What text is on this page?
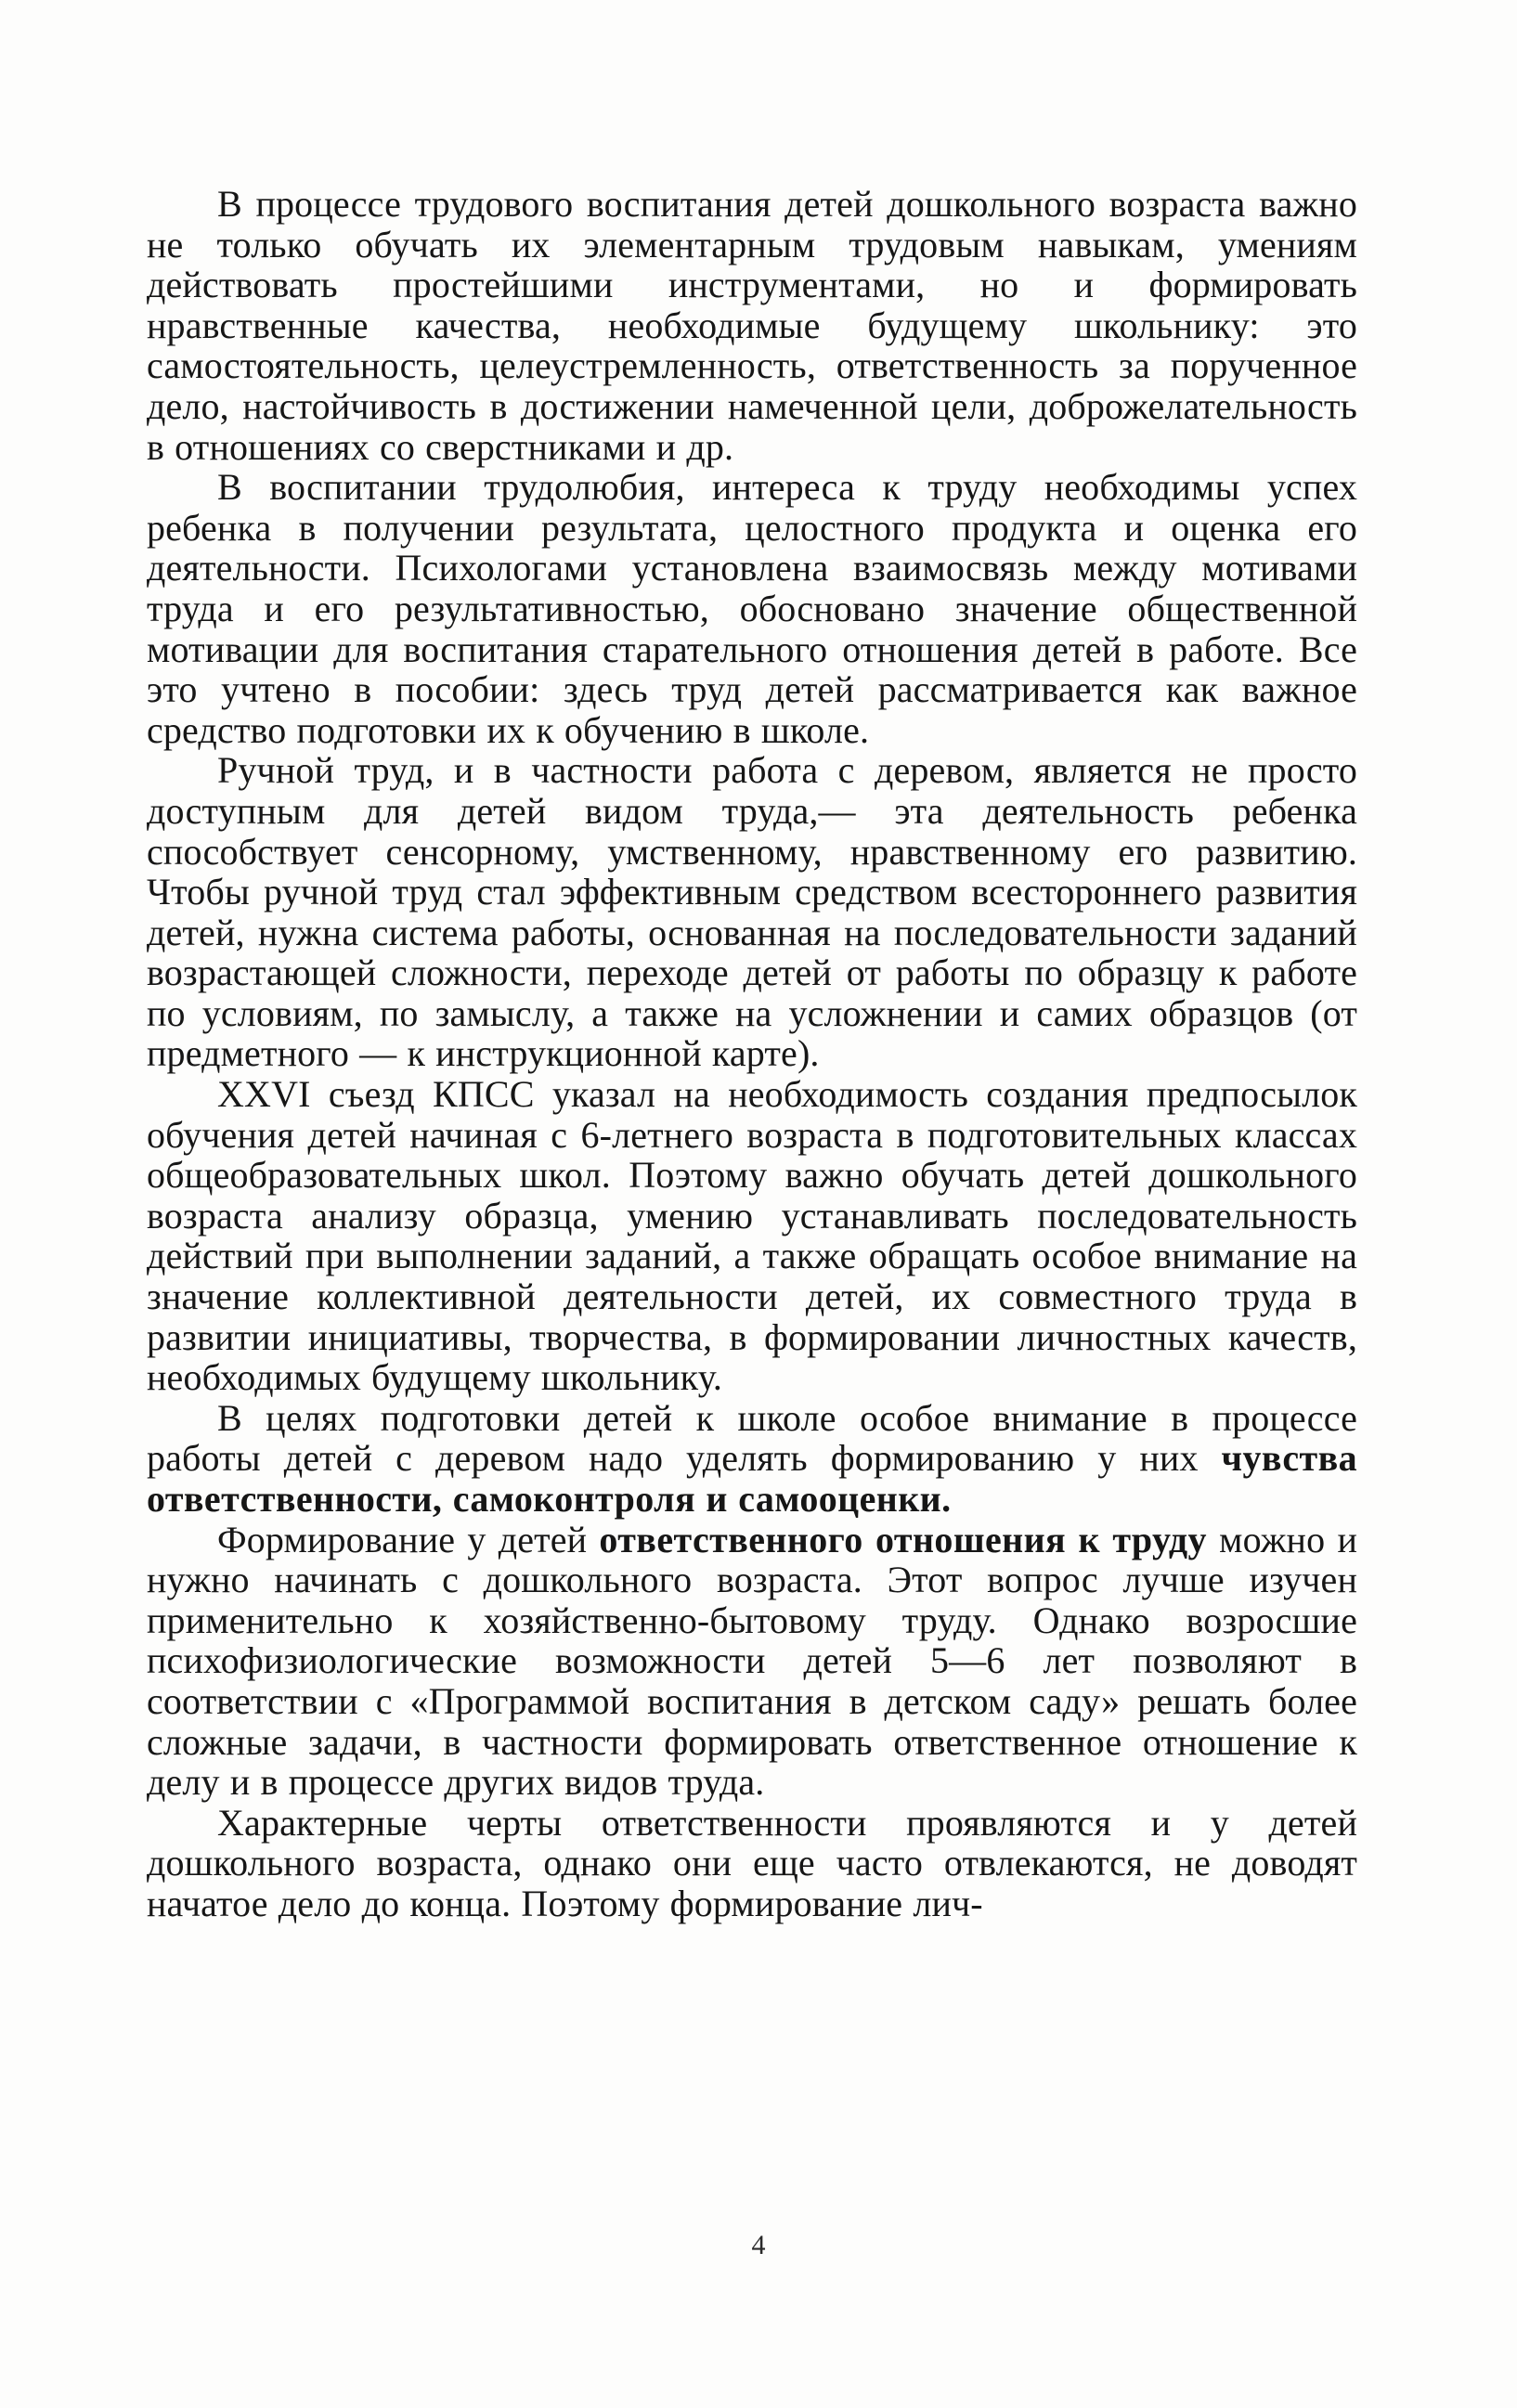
В процессе трудового воспитания детей дошкольного возраста важно не только обучать их элементарным трудовым навыкам, умениям действовать простейшими инструментами, но и формировать нравственные качества, необходимые будущему школьнику: это самостоятельность, целеустремленность, ответственность за порученное дело, настойчивость в достижении намеченной цели, доброжелательность в отношениях со сверстниками и др.

В воспитании трудолюбия, интереса к труду необходимы успех ребенка в получении результата, целостного продукта и оценка его деятельности. Психологами установлена взаимосвязь между мотивами труда и его результативностью, обосновано значение общественной мотивации для воспитания старательного отношения детей в работе. Все это учтено в пособии: здесь труд детей рассматривается как важное средство подготовки их к обучению в школе.

Ручной труд, и в частности работа с деревом, является не просто доступным для детей видом труда,— эта деятельность ребенка способствует сенсорному, умственному, нравственному его развитию. Чтобы ручной труд стал эффективным средством всестороннего развития детей, нужна система работы, основанная на последовательности заданий возрастающей сложности, переходе детей от работы по образцу к работе по условиям, по замыслу, а также на усложнении и самих образцов (от предметного — к инструкционной карте).

XXVI съезд КПСС указал на необходимость создания предпосылок обучения детей начиная с 6-летнего возраста в подготовительных классах общеобразовательных школ. Поэтому важно обучать детей дошкольного возраста анализу образца, умению устанавливать последовательность действий при выполнении заданий, а также обращать особое внимание на значение коллективной деятельности детей, их совместного труда в развитии инициативы, творчества, в формировании личностных качеств, необходимых будущему школьнику.

В целях подготовки детей к школе особое внимание в процессе работы детей с деревом надо уделять формированию у них чувства ответственности, самоконтроля и самооценки.

Формирование у детей ответственного отношения к труду можно и нужно начинать с дошкольного возраста. Этот вопрос лучше изучен применительно к хозяйственно-бытовому труду. Однако возросшие психофизиологические возможности детей 5—6 лет позволяют в соответствии с «Программой воспитания в детском саду» решать более сложные задачи, в частности формировать ответственное отношение к делу и в процессе других видов труда.

Характерные черты ответственности проявляются и у детей дошкольного возраста, однако они еще часто отвлекаются, не доводят начатое дело до конца. Поэтому формирование лич-

4
